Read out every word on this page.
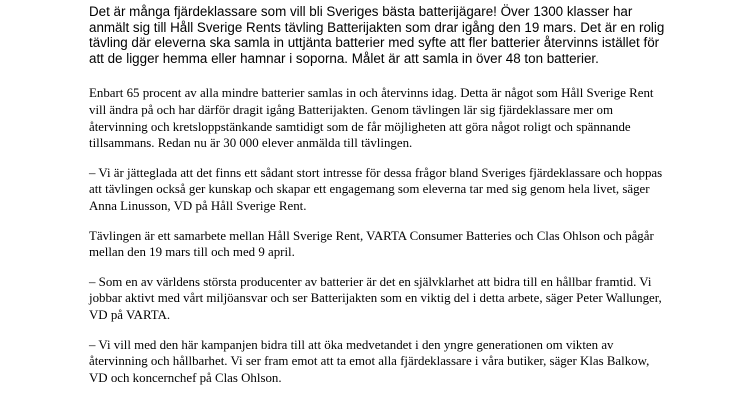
Det är många fjärdeklassare som vill bli Sveriges bästa batterijägare! Över 1300 klasser har anmält sig till Håll Sverige Rents tävling Batterijakten som drar igång den 19 mars. Det är en rolig tävling där eleverna ska samla in uttjänta batterier med syfte att fler batterier återvinns istället för att de ligger hemma eller hamnar i soporna. Målet är att samla in över 48 ton batterier.

Enbart 65 procent av alla mindre batterier samlas in och återvinns idag. Detta är något som Håll Sverige Rent vill ändra på och har därför dragit igång Batterijakten. Genom tävlingen lär sig fjärdeklassare mer om återvinning och kretsloppstänkande samtidigt som de får möjligheten att göra något roligt och spännande tillsammans. Redan nu är 30 000 elever anmälda till tävlingen.

– Vi är jätteglada att det finns ett sådant stort intresse för dessa frågor bland Sveriges fjärdeklassare och hoppas att tävlingen också ger kunskap och skapar ett engagemang som eleverna tar med sig genom hela livet, säger Anna Linusson, VD på Håll Sverige Rent.

Tävlingen är ett samarbete mellan Håll Sverige Rent, VARTA Consumer Batteries och Clas Ohlson och pågår mellan den 19 mars till och med 9 april.

– Som en av världens största producenter av batterier är det en självklarhet att bidra till en hållbar framtid. Vi jobbar aktivt med vårt miljöansvar och ser Batterijakten som en viktig del i detta arbete, säger Peter Wallunger, VD på VARTA.

– Vi vill med den här kampanjen bidra till att öka medvetandet i den yngre generationen om vikten av återvinning och hållbarhet. Vi ser fram emot att ta emot alla fjärdeklassare i våra butiker, säger Klas Balkow, VD och koncernchef på Clas Ohlson.
